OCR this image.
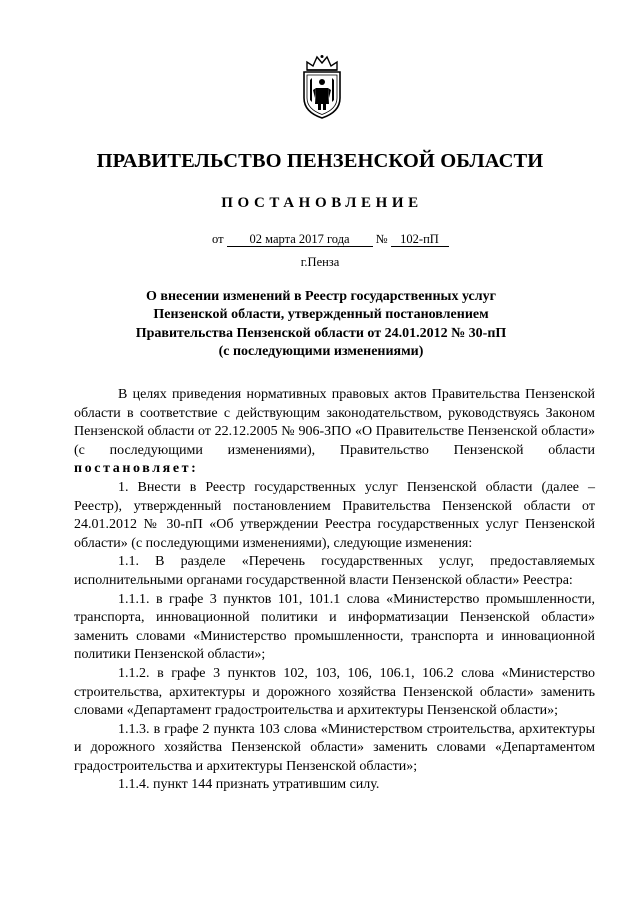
ПРАВИТЕЛЬСТВО ПЕНЗЕНСКОЙ ОБЛАСТИ
ПОСТАНОВЛЕНИЕ
от 02 марта 2017 года № 102-пП
г.Пенза
О внесении изменений в Реестр государственных услуг
Пензенской области, утвержденный постановлением
Правительства Пензенской области от 24.01.2012 № 30-пП
(с последующими изменениями)

В целях приведения нормативных правовых актов Правительства Пензенской области в соответствие с действующим законодательством, руководствуясь Законом Пензенской области от 22.12.2005 № 906-ЗПО «О Правительстве Пензенской области» (с последующими изменениями), Правительство Пензенской области постановляет:

1. Внести в Реестр государственных услуг Пензенской области (далее – Реестр), утвержденный постановлением Правительства Пензенской области от 24.01.2012 № 30-пП «Об утверждении Реестра государственных услуг Пензенской области» (с последующими изменениями), следующие изменения:

1.1. В разделе «Перечень государственных услуг, предоставляемых исполнительными органами государственной власти Пензенской области» Реестра:

1.1.1. в графе 3 пунктов 101, 101.1 слова «Министерство промышленности, транспорта, инновационной политики и информатизации Пензенской области» заменить словами «Министерство промышленности, транспорта и инновационной политики Пензенской области»;

1.1.2. в графе 3 пунктов 102, 103, 106, 106.1, 106.2 слова «Министерство строительства, архитектуры и дорожного хозяйства Пензенской области» заменить словами «Департамент градостроительства и архитектуры Пензенской области»;

1.1.3. в графе 2 пункта 103 слова «Министерством строительства, архитектуры и дорожного хозяйства Пензенской области» заменить словами «Департаментом градостроительства и архитектуры Пензенской области»;

1.1.4. пункт 144 признать утратившим силу.
